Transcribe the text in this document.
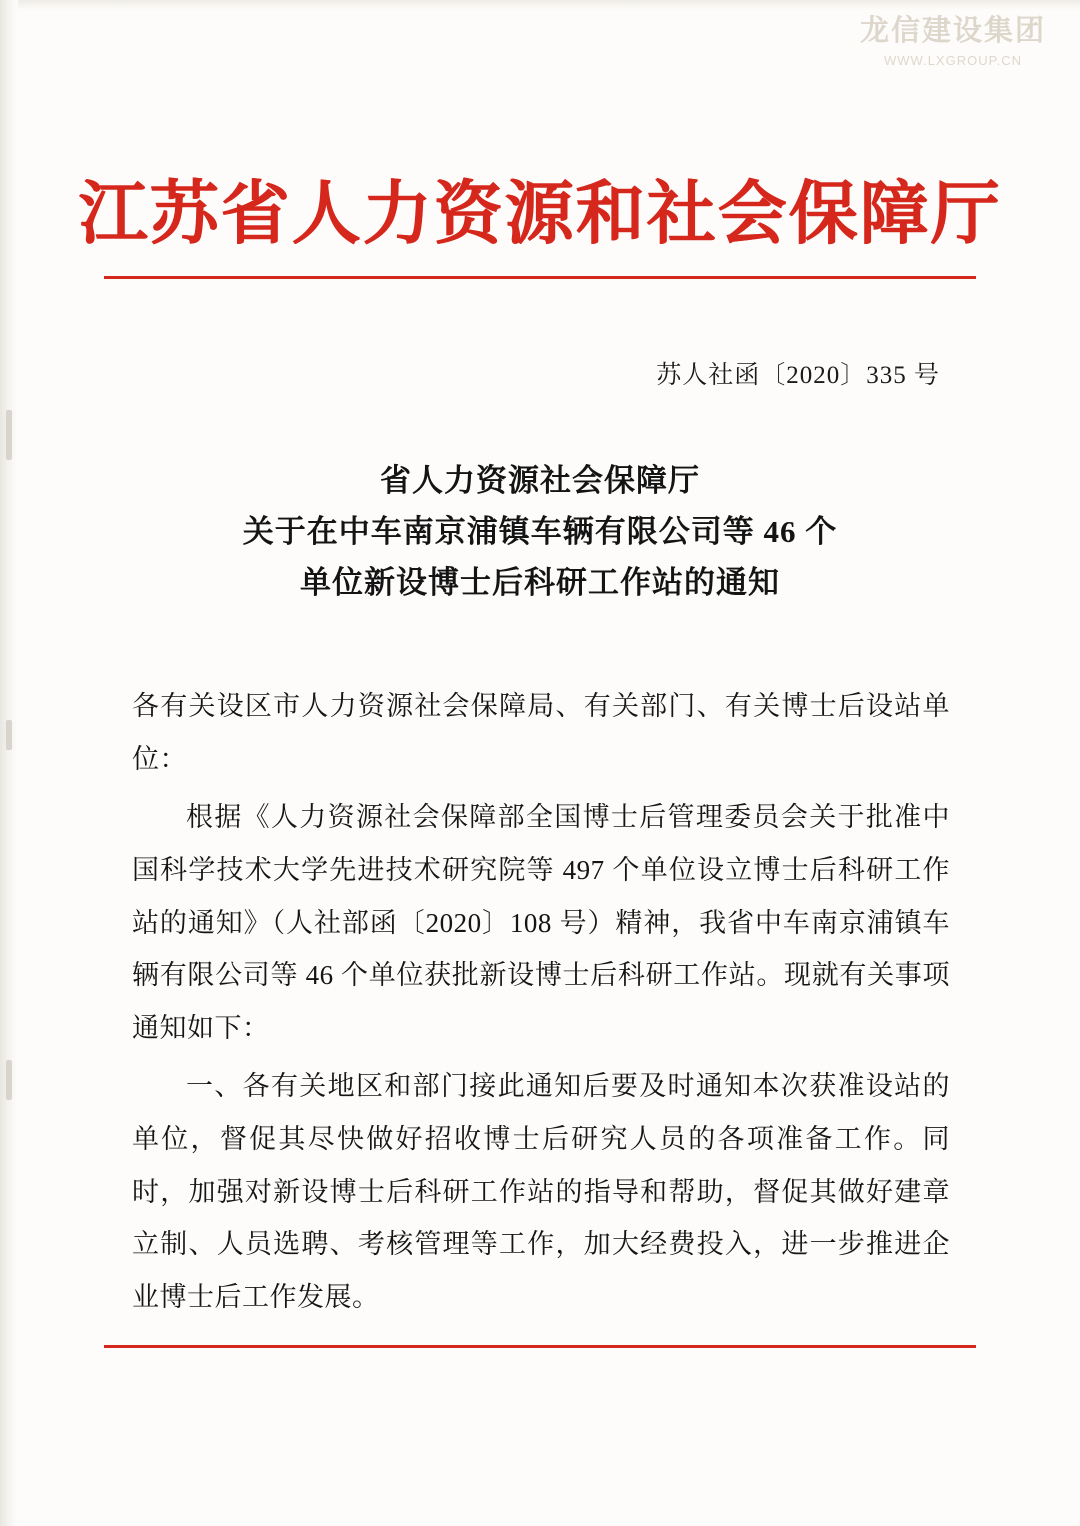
龙信建设集团
WWW.LXGROUP.CN
江苏省人力资源和社会保障厅
苏人社函〔2020〕335 号
省人力资源社会保障厅
关于在中车南京浦镇车辆有限公司等 46 个
单位新设博士后科研工作站的通知

各有关设区市人力资源社会保障局、有关部门、有关博士后设站单位：

根据《人力资源社会保障部全国博士后管理委员会关于批准中国科学技术大学先进技术研究院等 497 个单位设立博士后科研工作站的通知》（人社部函〔2020〕108 号）精神，我省中车南京浦镇车辆有限公司等 46 个单位获批新设博士后科研工作站。现就有关事项通知如下：

一、各有关地区和部门接此通知后要及时通知本次获准设站的单位，督促其尽快做好招收博士后研究人员的各项准备工作。同时，加强对新设博士后科研工作站的指导和帮助，督促其做好建章立制、人员选聘、考核管理等工作，加大经费投入，进一步推进企业博士后工作发展。
